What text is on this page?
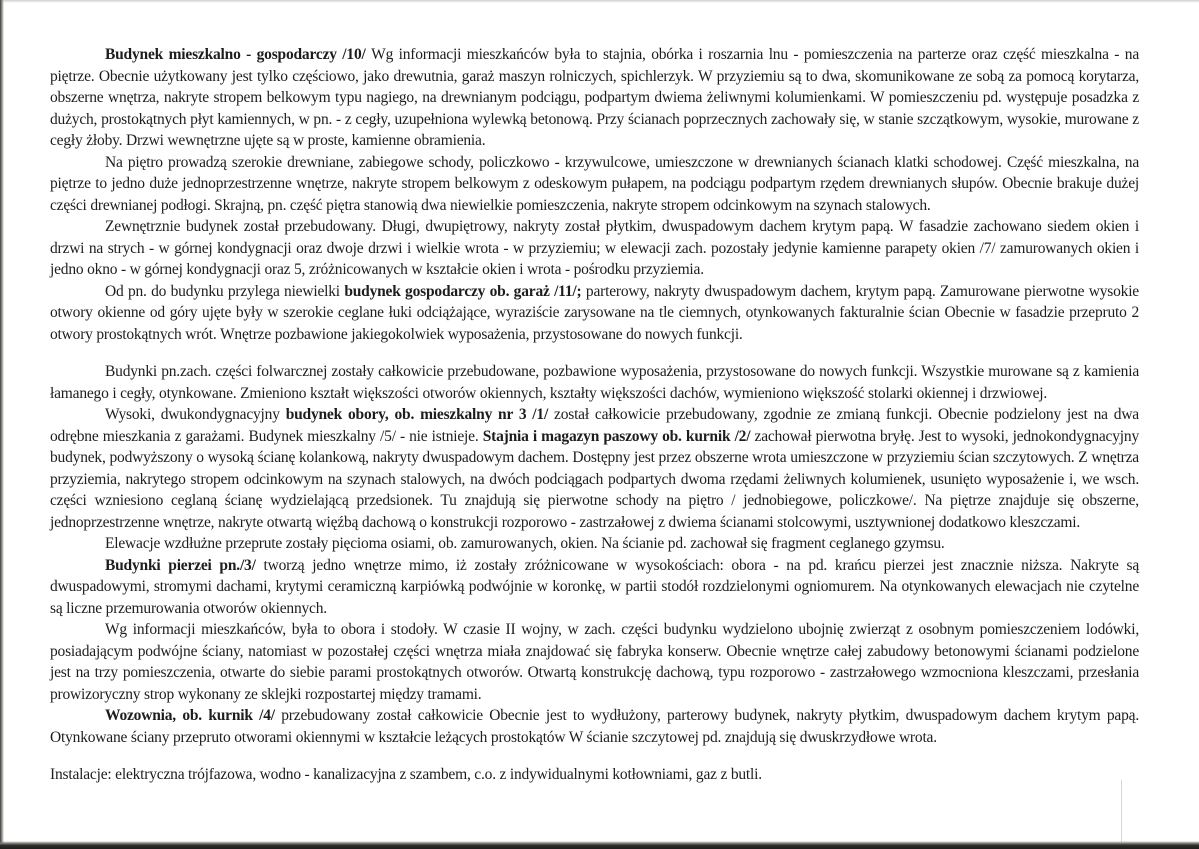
Budynek mieszkalno - gospodarczy /10/ Wg informacji mieszkańców była to stajnia, obórka i roszarnia lnu - pomieszczenia na parterze oraz część mieszkalna - na piętrze. Obecnie użytkowany jest tylko częściowo, jako drewutnia, garaż maszyn rolniczych, spichlerzyk. W przyziemiu są to dwa, skomunikowane ze sobą za pomocą korytarza, obszerne wnętrza, nakryte stropem belkowym typu nagiego, na drewnianym podciągu, podpartym dwiema żeliwnymi kolumienkami. W pomieszczeniu pd. występuje posadzka z dużych, prostokątnych płyt kamiennych, w pn. - z cegły, uzupełniona wylewką betonową. Przy ścianach poprzecznych zachowały się, w stanie szczątkowym, wysokie, murowane z cegły żłoby. Drzwi wewnętrzne ujęte są w proste, kamienne obramienia.

Na piętro prowadzą szerokie drewniane, zabiegowe schody, policzkowo - krzywulcowe, umieszczone w drewnianych ścianach klatki schodowej. Część mieszkalna, na piętrze to jedno duże jednoprzestrzenne wnętrze, nakryte stropem belkowym z odeskowym pułapem, na podciągu podpartym rzędem drewnianych słupów. Obecnie brakuje dużej części drewnianej podłogi. Skrajną, pn. część piętra stanowią dwa niewielkie pomieszczenia, nakryte stropem odcinkowym na szynach stalowych.

Zewnętrznie budynek został przebudowany. Długi, dwupiętrowy, nakryty został płytkim, dwuspadowym dachem krytym papą. W fasadzie zachowano siedem okien i drzwi na strych - w górnej kondygnacji oraz dwoje drzwi i wielkie wrota - w przyziemiu; w elewacji zach. pozostały jedynie kamienne parapety okien /7/ zamurowanych okien i jedno okno - w górnej kondygnacji oraz 5, zróżnicowanych w kształcie okien i wrota - pośrodku przyziemia.

Od pn. do budynku przylega niewielki budynek gospodarczy ob. garaż /11/; parterowy, nakryty dwuspadowym dachem, krytym papą. Zamurowane pierwotne wysokie otwory okienne od góry ujęte były w szerokie ceglane łuki odciążające, wyraziście zarysowane na tle ciemnych, otynkowanych fakturalnie ścian Obecnie w fasadzie przepruto 2 otwory prostokątnych wrót. Wnętrze pozbawione jakiegokolwiek wyposażenia, przystosowane do nowych funkcji.

Budynki pn.zach. części folwarcznej zostały całkowicie przebudowane, pozbawione wyposażenia, przystosowane do nowych funkcji. Wszystkie murowane są z kamienia łamanego i cegły, otynkowane. Zmieniono kształt większości otworów okiennych, kształty większości dachów, wymieniono większość stolarki okiennej i drzwiowej.

Wysoki, dwukondygnacyjny budynek obory, ob. mieszkalny nr 3 /1/ został całkowicie przebudowany, zgodnie ze zmianą funkcji. Obecnie podzielony jest na dwa odrębne mieszkania z garażami. Budynek mieszkalny /5/ - nie istnieje. Stajnia i magazyn paszowy ob. kurnik /2/ zachował pierwotna bryłę. Jest to wysoki, jednokondygnacyjny budynek, podwyższony o wysoką ścianę kolankową, nakryty dwuspadowym dachem. Dostępny jest przez obszerne wrota umieszczone w przyziemiu ścian szczytowych. Z wnętrza przyziemia, nakrytego stropem odcinkowym na szynach stalowych, na dwóch podciągach podpartych dwoma rzędami żeliwnych kolumienek, usunięto wyposażenie i, we wsch. części wzniesiono ceglaną ścianę wydzielającą przedsionek. Tu znajdują się pierwotne schody na piętro / jednobiegowe, policzkowe/. Na piętrze znajduje się obszerne, jednoprzestrzenne wnętrze, nakryte otwartą więźbą dachową o konstrukcji rozporowo - zastrzałowej z dwiema ścianami stolcowymi, usztywnionej dodatkowo kleszczami.

Elewacje wzdłużne przeprute zostały pięcioma osiami, ob. zamurowanych, okien. Na ścianie pd. zachował się fragment ceglanego gzymsu.

Budynki pierzei pn./3/ tworzą jedno wnętrze mimo, iż zostały zróżnicowane w wysokościach: obora - na pd. krańcu pierzei jest znacznie niższa. Nakryte są dwuspadowymi, stromymi dachami, krytymi ceramiczną karpiówką podwójnie w koronkę, w partii stodół rozdzielonymi ogniomurem. Na otynkowanych elewacjach nie czytelne są liczne przemurowania otworów okiennych.

Wg informacji mieszkańców, była to obora i stodoły. W czasie II wojny, w zach. części budynku wydzielono ubojnię zwierząt z osobnym pomieszczeniem lodówki, posiadającym podwójne ściany, natomiast w pozostałej części wnętrza miała znajdować się fabryka konserw. Obecnie wnętrze całej zabudowy betonowymi ścianami podzielone jest na trzy pomieszczenia, otwarte do siebie parami prostokątnych otworów. Otwartą konstrukcję dachową, typu rozporowo - zastrzałowego wzmocniona kleszczami, przesłania prowizoryczny strop wykonany ze sklejki rozpostartej między tramami.

Wozownia, ob. kurnik /4/ przebudowany został całkowicie Obecnie jest to wydłużony, parterowy budynek, nakryty płytkim, dwuspadowym dachem krytym papą. Otynkowane ściany przepruto otworami okiennymi w kształcie leżących prostokątów W ścianie szczytowej pd. znajdują się dwuskrzydłowe wrota.

Instalacje: elektryczna trójfazowa, wodno - kanalizacyjna z szambem, c.o. z indywidualnymi kotłowniami, gaz z butli.
